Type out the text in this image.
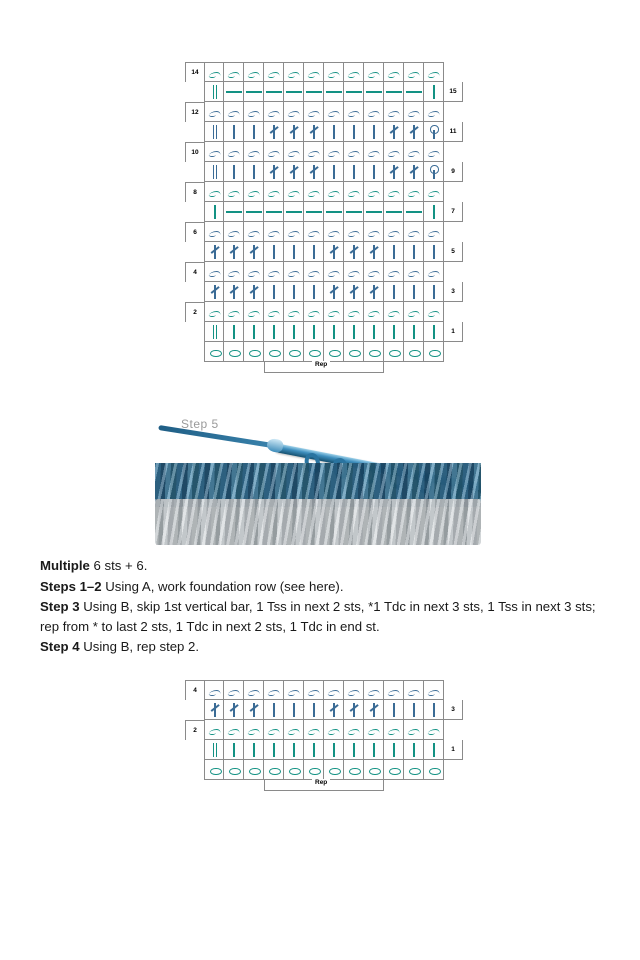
14
15
12
11
10
9
8
7
6
5
4
3
2
1
Rep
Step 5

Multiple 6 sts + 6.

Steps 1–2 Using A, work foundation row (see here).

Step 3 Using B, skip 1st vertical bar, 1 Tss in next 2 sts, *1 Tdc in next 3 sts, 1 Tss in next 3 sts; rep from * to last 2 sts, 1 Tdc in next 2 sts, 1 Tdc in end st.

Step 4 Using B, rep step 2.

4
3
2
1
Rep
